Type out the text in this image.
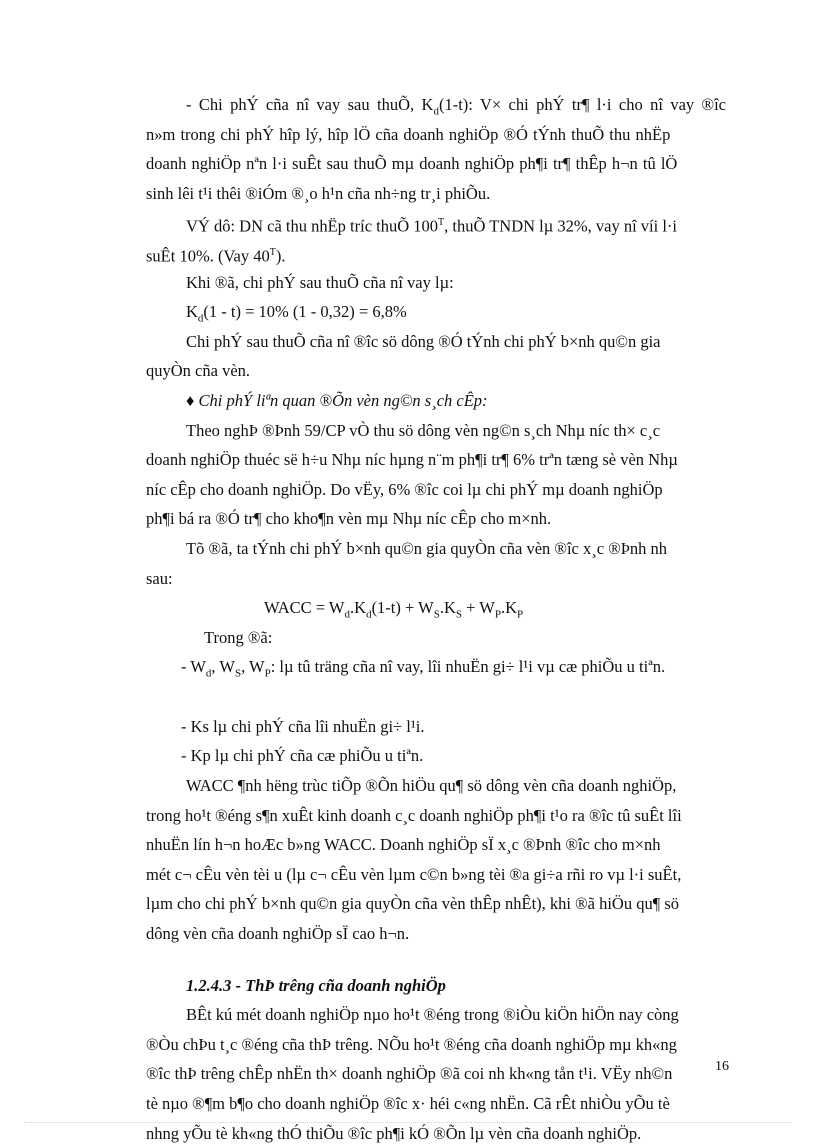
- Chi phÝ cña nî vay sau thuÕ, $K_d(1-t)$: V× chi phÝ tr¶ l·i cho nî vay ®îc
n»m trong chi phÝ hîp lý, hîp lÖ cña doanh nghiÖp ®Ó tÝnh thuÕ thu nhËp
doanh nghiÖp nªn l·i suÊt sau thuÕ mµ doanh nghiÖp ph¶i tr¶ thÊp h¬n tû lÖ
sinh lêi t¹i thêi ®iÓm ®¸o h¹n cña nh÷ng tr¸i phiÕu.
VÝ dô: DN cã thu nhËp tríc thuÕ $100^T$, thuÕ TNDN lµ 32%, vay nî víi l·i
suÊt 10%. (Vay $40^T$).
Khi ®ã, chi phÝ sau thuÕ cña nî vay lµ:
$K_d(1 - t) = 10\%$ (1 - 0,32) = 6,8%
Chi phÝ sau thuÕ cña nî ®îc sö dông ®Ó tÝnh chi phÝ b×nh qu©n gia
quyÒn cña vèn.
♦ Chi phÝ liªn quan ®Õn vèn ng©n s¸ch cÊp:
Theo nghÞ ®Þnh 59/CP vÒ thu sö dông vèn ng©n s¸ch Nhµ níc th× c¸c
doanh nghiÖp thuéc së h÷u Nhµ níc hµng n¨m ph¶i tr¶ 6% trªn tæng sè vèn Nhµ
níc cÊp cho doanh nghiÖp. Do vËy, 6% ®îc coi lµ chi phÝ mµ doanh nghiÖp
ph¶i bá ra ®Ó tr¶ cho kho¶n vèn mµ Nhµ níc cÊp cho m×nh.
Tõ ®ã, ta tÝnh chi phÝ b×nh qu©n gia quyÒn cña vèn ®îc x¸c ®Þnh nh
sau:
WACC = $W_d.K_d(1-t) + W_S.K_S + W_P.K_P$
Trong ®ã:
- $W_d$, $W_S$, $W_P$: lµ tû träng cña nî vay, lîi nhuËn gi÷ l¹i vµ cæ phiÕu u tiªn.
- Ks lµ chi phÝ cña lîi nhuËn gi÷ l¹i.
- Kp lµ chi phÝ cña cæ phiÕu u tiªn.
WACC ¶nh hëng trùc tiÕp ®Õn hiÖu qu¶ sö dông vèn cña doanh nghiÖp,
trong ho¹t ®éng s¶n xuÊt kinh doanh c¸c doanh nghiÖp ph¶i t¹o ra ®îc tû suÊt lîi
nhuËn lín h¬n hoÆc b»ng WACC. Doanh nghiÖp sÏ x¸c ®Þnh ®îc cho m×nh
mét c¬ cÊu vèn tèi u (lµ c¬ cÊu vèn lµm c©n b»ng tèi ®a gi÷a rñi ro vµ l·i suÊt,
lµm cho chi phÝ b×nh qu©n gia quyÒn cña vèn thÊp nhÊt), khi ®ã hiÖu qu¶ sö
dông vèn cña doanh nghiÖp sÏ cao h¬n.
1.2.4.3 - ThÞ trêng cña doanh nghiÖp
BÊt kú mét doanh nghiÖp nµo ho¹t ®éng trong ®iÒu kiÖn hiÖn nay còng
®Òu chÞu t¸c ®éng cña thÞ trêng. NÕu ho¹t ®éng cña doanh nghiÖp mµ kh«ng
®îc thÞ trêng chÊp nhËn th× doanh nghiÖp ®ã coi nh kh«ng tån t¹i. VËy nh©n
tè nµo ®¶m b¶o cho doanh nghiÖp ®îc x· héi c«ng nhËn. Cã rÊt nhiÒu yÕu tè
nhng yÕu tè kh«ng thÓ thiÕu ®îc ph¶i kÓ ®Õn lµ vèn cña doanh nghiÖp.
16
